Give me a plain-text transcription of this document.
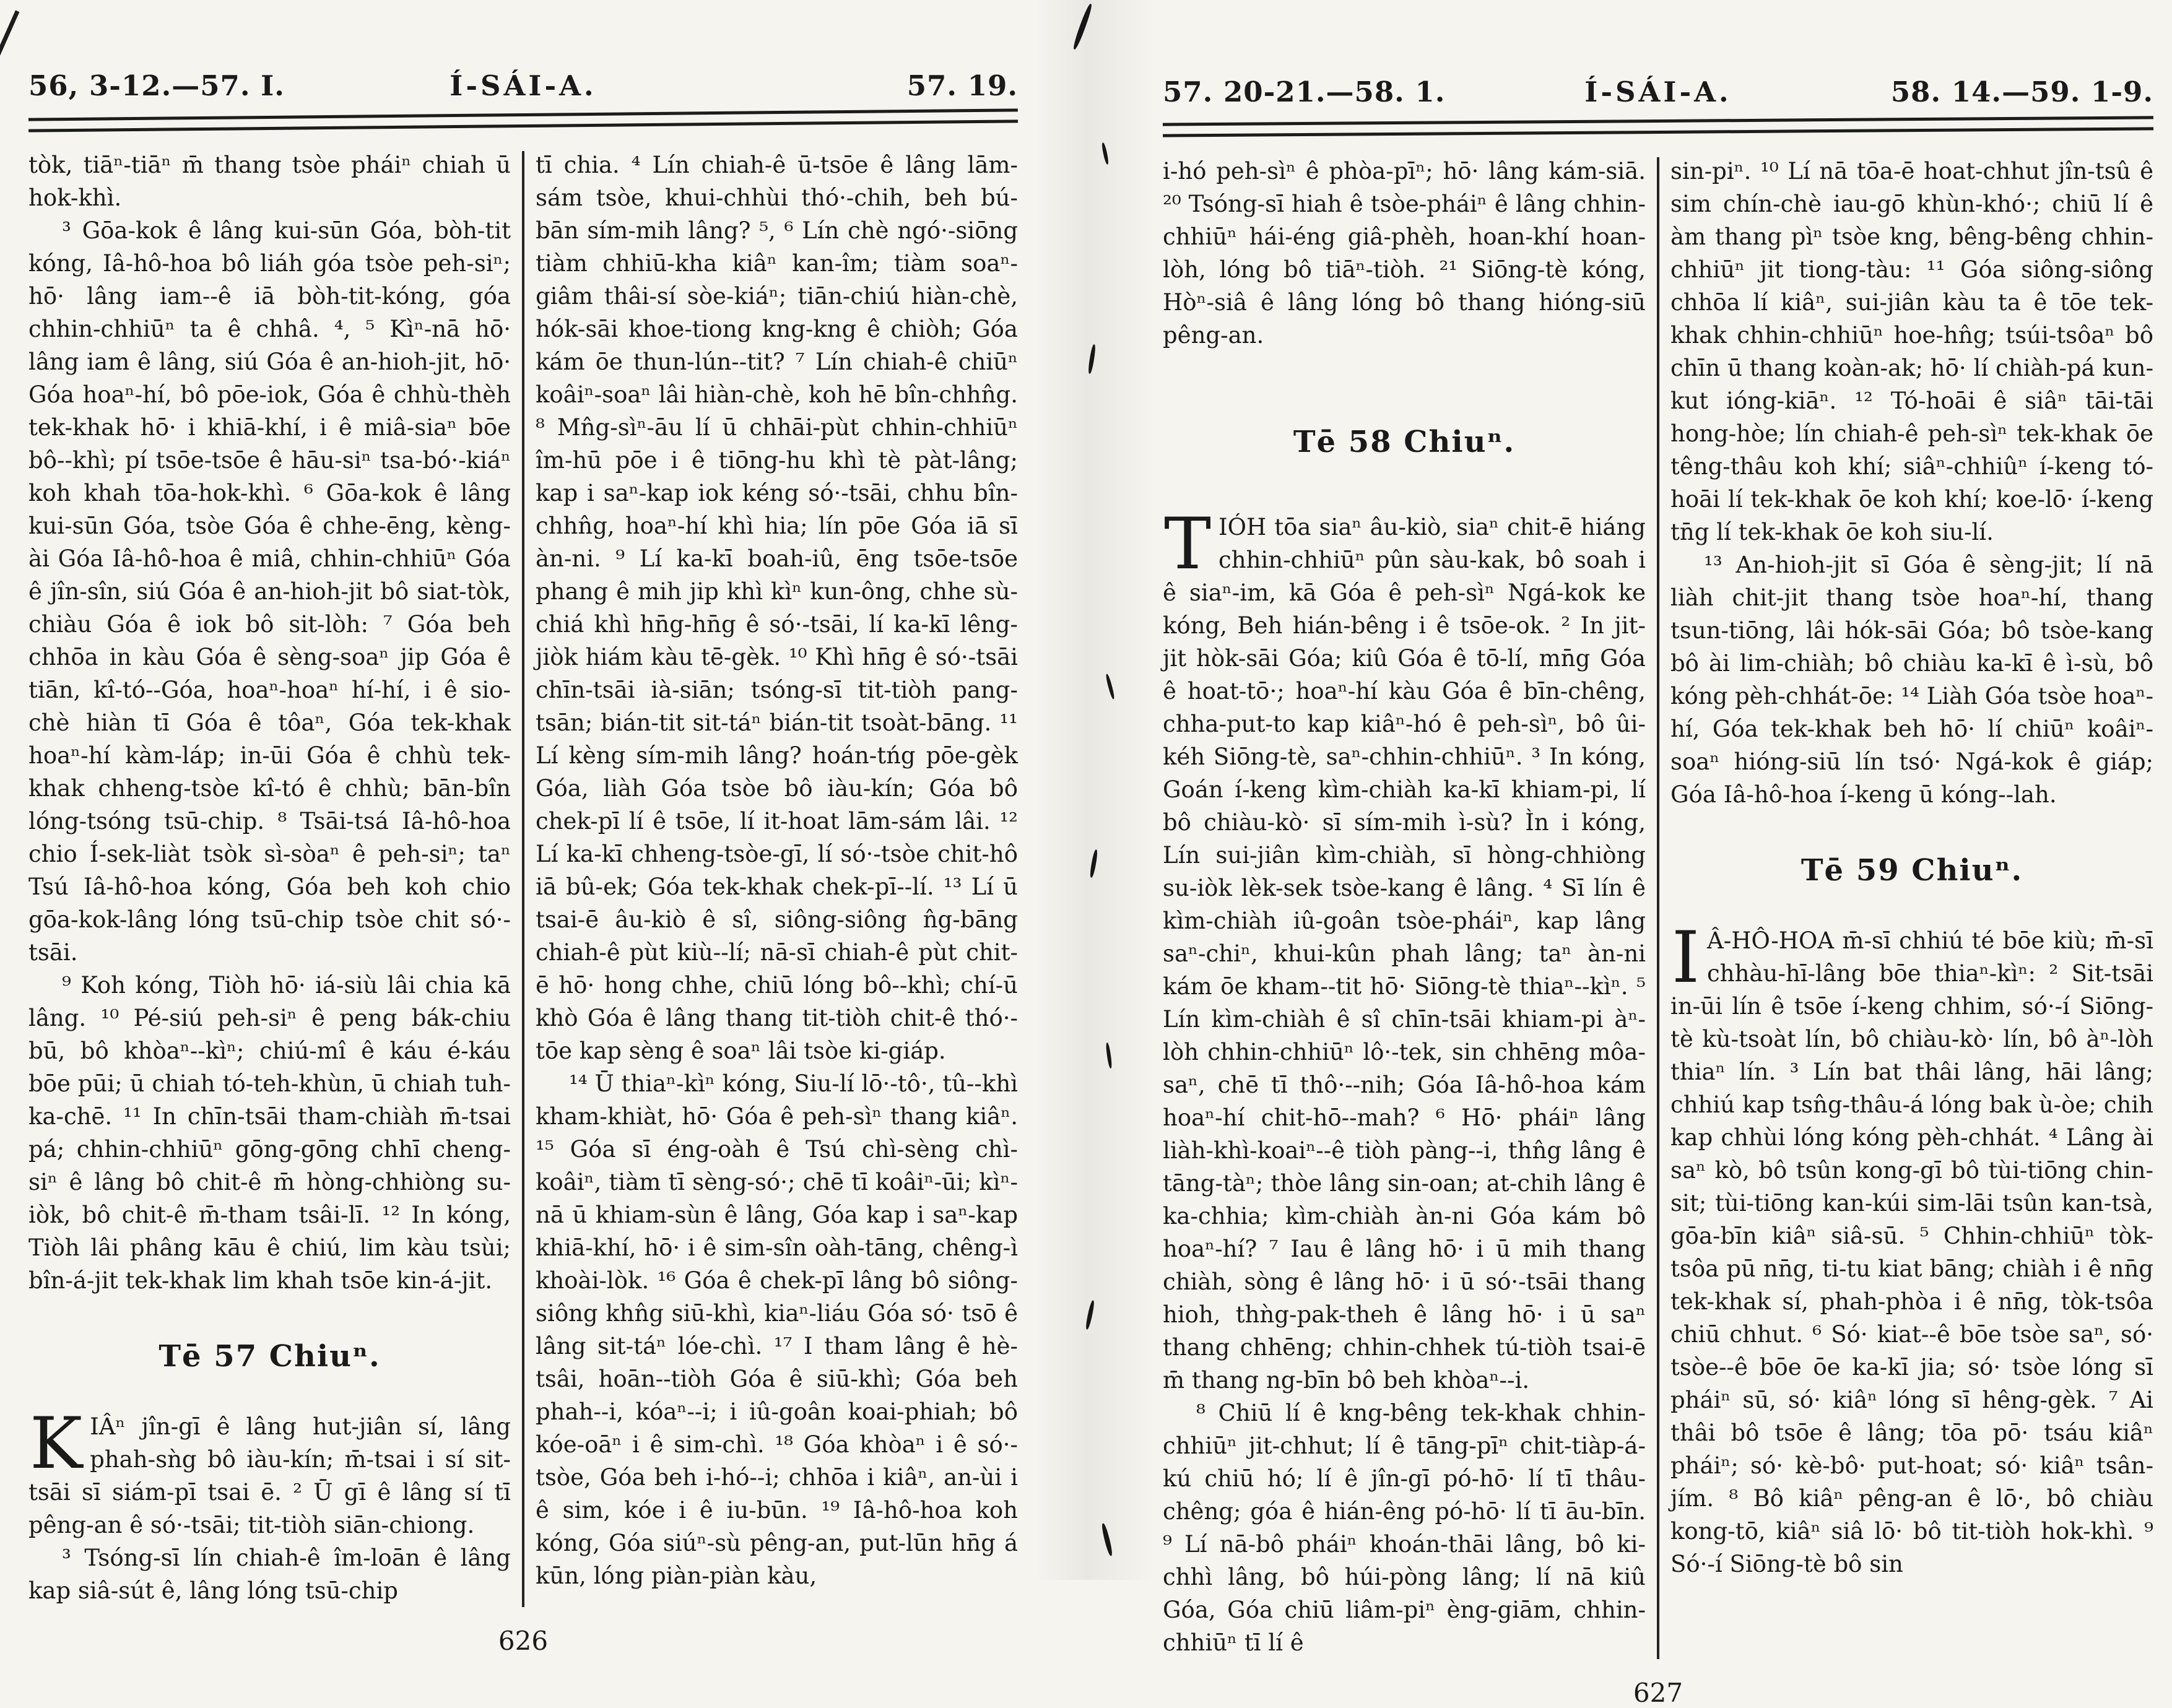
56, 3-12.—57. I.	Í-SÁI-A.	57. 19.

tòk, tiāⁿ-tiāⁿ m̄ thang tsòe pháiⁿ chiah ū hok-khì.

³ Gōa-kok ê lâng kui-sūn Góa, bòh-tit kóng, Iâ-hô-hoa bô liáh góa tsòe peh-siⁿ; hō· lâng iam--ê iā bòh-tit-kóng, góa chhin-chhiūⁿ ta ê chhâ. ⁴, ⁵ Kìⁿ-nā hō· lâng iam ê lâng, siú Góa ê an-hioh-jit, hō· Góa hoaⁿ-hí, bô pōe-iok, Góa ê chhù-thèh tek-khak hō· i khiā-khí, i ê miâ-siaⁿ bōe bô--khì; pí tsōe-tsōe ê hāu-siⁿ tsa-bó·-kiáⁿ koh khah tōa-hok-khì. ⁶ Gōa-kok ê lâng kui-sūn Góa, tsòe Góa ê chhe-ēng, kèng-ài Góa Iâ-hô-hoa ê miâ, chhin-chhiūⁿ Góa ê jîn-sîn, siú Góa ê an-hioh-jit bô siat-tòk, chiàu Góa ê iok bô sit-lòh: ⁷ Góa beh chhōa in kàu Góa ê sèng-soaⁿ jip Góa ê tiān, kî-tó--Góa, hoaⁿ-hoaⁿ hí-hí, i ê sio-chè hiàn tī Góa ê tôaⁿ, Góa tek-khak hoaⁿ-hí kàm-láp; in-ūi Góa ê chhù tek-khak chheng-tsòe kî-tó ê chhù; bān-bîn lóng-tsóng tsū-chip. ⁸ Tsāi-tsá Iâ-hô-hoa chio Í-sek-liàt tsòk sì-sòaⁿ ê peh-siⁿ; taⁿ Tsú Iâ-hô-hoa kóng, Góa beh koh chio gōa-kok-lâng lóng tsū-chip tsòe chit só·-tsāi.

⁹ Koh kóng, Tiòh hō· iá-siù lâi chia kā lâng. ¹⁰ Pé-siú peh-siⁿ ê peng bák-chiu bū, bô khòaⁿ--kìⁿ; chiú-mî ê káu é-káu bōe pūi; ū chiah tó-teh-khùn, ū chiah tuh-ka-chē. ¹¹ In chīn-tsāi tham-chiàh m̄-tsai pá; chhin-chhiūⁿ gōng-gōng chhī cheng-siⁿ ê lâng bô chit-ê m̄ hòng-chhiòng su-iòk, bô chit-ê m̄-tham tsâi-lī. ¹² In kóng, Tiòh lâi phâng kāu ê chiú, lim kàu tsùi; bîn-á-jit tek-khak lim khah tsōe kin-á-jit.

Tē 57 Chiuⁿ.

KIÂⁿ jîn-gī ê lâng hut-jiân sí, lâng phah-sǹg bô iàu-kín; m̄-tsai i sí sit-tsāi sī siám-pī tsai ē. ² Ū gī ê lâng sí tī pêng-an ê só·-tsāi; tit-tiòh siān-chiong.

³ Tsóng-sī lín chiah-ê îm-loān ê lâng kap siâ-sút ê, lâng lóng tsū-chip

tī chia. ⁴ Lín chiah-ê ū-tsōe ê lâng lām-sám tsòe, khui-chhùi thó·-chih, beh bú-bān sím-mih lâng? ⁵, ⁶ Lín chè ngó·-siōng tiàm chhiū-kha kiâⁿ kan-îm; tiàm soaⁿ-giâm thâi-sí sòe-kiáⁿ; tiān-chiú hiàn-chè, hók-sāi khoe-tiong kng-kng ê chiòh; Góa kám ōe thun-lún--tit? ⁷ Lín chiah-ê chiūⁿ koâiⁿ-soaⁿ lâi hiàn-chè, koh hē bîn-chhn̂g. ⁸ Mn̂g-sìⁿ-āu lí ū chhāi-pùt chhin-chhiūⁿ îm-hū pōe i ê tiōng-hu khì tè pàt-lâng; kap i saⁿ-kap iok kéng só·-tsāi, chhu bîn-chhn̂g, hoaⁿ-hí khì hia; lín pōe Góa iā sī àn-ni. ⁹ Lí ka-kī boah-iû, ēng tsōe-tsōe phang ê mih jip khì kìⁿ kun-ông, chhe sù-chiá khì hn̄g-hn̄g ê só·-tsāi, lí ka-kī lêng-jiòk hiám kàu tē-gèk. ¹⁰ Khì hn̄g ê só·-tsāi chīn-tsāi ià-siān; tsóng-sī tit-tiòh pang-tsān; bián-tit sit-táⁿ bián-tit tsoàt-bāng. ¹¹ Lí kèng sím-mih lâng? hoán-tńg pōe-gèk Góa, liàh Góa tsòe bô iàu-kín; Góa bô chek-pī lí ê tsōe, lí it-hoat lām-sám lâi. ¹² Lí ka-kī chheng-tsòe-gī, lí só·-tsòe chit-hô iā bû-ek; Góa tek-khak chek-pī--lí. ¹³ Lí ū tsai-ē âu-kiò ê sî, siông-siông n̂g-bāng chiah-ê pùt kiù--lí; nā-sī chiah-ê pùt chit-ē hō· hong chhe, chiū lóng bô--khì; chí-ū khò Góa ê lâng thang tit-tiòh chit-ê thó·-tōe kap sèng ê soaⁿ lâi tsòe ki-giáp.

¹⁴ Ū thiaⁿ-kìⁿ kóng, Siu-lí lō·-tô·, tû--khì kham-khiàt, hō· Góa ê peh-sìⁿ thang kiâⁿ. ¹⁵ Góa sī éng-oàh ê Tsú chì-sèng chì-koâiⁿ, tiàm tī sèng-só·; chē tī koâiⁿ-ūi; kìⁿ-nā ū khiam-sùn ê lâng, Góa kap i saⁿ-kap khiā-khí, hō· i ê sim-sîn oàh-tāng, chêng-ì khoài-lòk. ¹⁶ Góa ê chek-pī lâng bô siông-siông khn̂g siū-khì, kiaⁿ-liáu Góa só· tsō ê lâng sit-táⁿ lóe-chì. ¹⁷ I tham lâng ê hè-tsâi, hoān--tiòh Góa ê siū-khì; Góa beh phah--i, kóaⁿ--i; i iû-goân koai-phiah; bô kóe-oāⁿ i ê sim-chì. ¹⁸ Góa khòaⁿ i ê só·-tsòe, Góa beh i-hó--i; chhōa i kiâⁿ, an-ùi i ê sim, kóe i ê iu-būn. ¹⁹ Iâ-hô-hoa koh kóng, Góa siúⁿ-sù pêng-an, put-lūn hn̄g á kūn, lóng piàn-piàn kàu,

626
57. 20-21.—58. 1.	Í-SÁI-A.	58. 14.—59. 1-9.

i-hó peh-sìⁿ ê phòa-pīⁿ; hō· lâng kám-siā. ²⁰ Tsóng-sī hiah ê tsòe-pháiⁿ ê lâng chhin-chhiūⁿ hái-éng giâ-phèh, hoan-khí hoan-lòh, lóng bô tiāⁿ-tiòh. ²¹ Siōng-tè kóng, Hòⁿ-siâ ê lâng lóng bô thang hióng-siū pêng-an.

Tē 58 Chiuⁿ.

TIÓH tōa siaⁿ âu-kiò, siaⁿ chit-ē hiáng chhin-chhiūⁿ pûn sàu-kak, bô soah i ê siaⁿ-im, kā Góa ê peh-sìⁿ Ngá-kok ke kóng, Beh hián-bêng i ê tsōe-ok. ² In jit-jit hòk-sāi Góa; kiû Góa ê tō-lí, mn̄g Góa ê hoat-tō·; hoaⁿ-hí kàu Góa ê bīn-chêng, chha-put-to kap kiâⁿ-hó ê peh-sìⁿ, bô ûi-kéh Siōng-tè, saⁿ-chhin-chhiūⁿ. ³ In kóng, Goán í-keng kìm-chiàh ka-kī khiam-pi, lí bô chiàu-kò· sī sím-mih ì-sù? Ìn i kóng, Lín sui-jiân kìm-chiàh, sī hòng-chhiòng su-iòk lèk-sek tsòe-kang ê lâng. ⁴ Sī lín ê kìm-chiàh iû-goân tsòe-pháiⁿ, kap lâng saⁿ-chiⁿ, khui-kûn phah lâng; taⁿ àn-ni kám ōe kham--tit hō· Siōng-tè thiaⁿ--kìⁿ. ⁵ Lín kìm-chiàh ê sî chīn-tsāi khiam-pi àⁿ-lòh chhin-chhiūⁿ lô·-tek, sin chhēng môa-saⁿ, chē tī thô·--nih; Góa Iâ-hô-hoa kám hoaⁿ-hí chit-hō--mah? ⁶ Hō· pháiⁿ lâng liàh-khì-koaiⁿ--ê tiòh pàng--i, thn̂g lâng ê tāng-tàⁿ; thòe lâng sin-oan; at-chih lâng ê ka-chhia; kìm-chiàh àn-ni Góa kám bô hoaⁿ-hí? ⁷ Iau ê lâng hō· i ū mih thang chiàh, sòng ê lâng hō· i ū só·-tsāi thang hioh, thǹg-pak-theh ê lâng hō· i ū saⁿ thang chhēng; chhin-chhek tú-tiòh tsai-ē m̄ thang ng-bīn bô beh khòaⁿ--i.

⁸ Chiū lí ê kng-bêng tek-khak chhin-chhiūⁿ jit-chhut; lí ê tāng-pīⁿ chit-tiàp-á-kú chiū hó; lí ê jîn-gī pó-hō· lí tī thâu-chêng; góa ê hián-êng pó-hō· lí tī āu-bīn. ⁹ Lí nā-bô pháiⁿ khoán-thāi lâng, bô ki-chhì lâng, bô húi-pòng lâng; lí nā kiû Góa, Góa chiū liâm-piⁿ èng-giām, chhin-chhiūⁿ tī lí ê

sin-piⁿ. ¹⁰ Lí nā tōa-ē hoat-chhut jîn-tsû ê sim chín-chè iau-gō khùn-khó·; chiū lí ê àm thang pìⁿ tsòe kng, bêng-bêng chhin-chhiūⁿ jit tiong-tàu: ¹¹ Góa siông-siông chhōa lí kiâⁿ, sui-jiân kàu ta ê tōe tek-khak chhin-chhiūⁿ hoe-hn̂g; tsúi-tsôaⁿ bô chīn ū thang koàn-ak; hō· lí chiàh-pá kun-kut ióng-kiāⁿ. ¹² Tó-hoāi ê siâⁿ tāi-tāi hong-hòe; lín chiah-ê peh-sìⁿ tek-khak ōe têng-thâu koh khí; siâⁿ-chhiûⁿ í-keng tó-hoāi lí tek-khak ōe koh khí; koe-lō· í-keng tn̄g lí tek-khak ōe koh siu-lí.

¹³ An-hioh-jit sī Góa ê sèng-jit; lí nā liàh chit-jit thang tsòe hoaⁿ-hí, thang tsun-tiōng, lâi hók-sāi Góa; bô tsòe-kang bô ài lim-chiàh; bô chiàu ka-kī ê ì-sù, bô kóng pèh-chhát-ōe: ¹⁴ Liàh Góa tsòe hoaⁿ-hí, Góa tek-khak beh hō· lí chiūⁿ koâiⁿ-soaⁿ hióng-siū lín tsó· Ngá-kok ê giáp; Góa Iâ-hô-hoa í-keng ū kóng--lah.

Tē 59 Chiuⁿ.

I Â-HÔ-HOA m̄-sī chhiú té bōe kiù; m̄-sī chhàu-hī-lâng bōe thiaⁿ-kìⁿ: ² Sit-tsāi in-ūi lín ê tsōe í-keng chhim, só·-í Siōng-tè kù-tsoàt lín, bô chiàu-kò· lín, bô àⁿ-lòh thiaⁿ lín. ³ Lín bat thâi lâng, hāi lâng; chhiú kap tsn̂g-thâu-á lóng bak ù-òe; chih kap chhùi lóng kóng pèh-chhát. ⁴ Lâng ài saⁿ kò, bô tsûn kong-gī bô tùi-tiōng chin-sit; tùi-tiōng kan-kúi sim-lāi tsûn kan-tsà, gōa-bīn kiâⁿ siâ-sū. ⁵ Chhin-chhiūⁿ tòk-tsôa pū nn̄g, ti-tu kiat bāng; chiàh i ê nn̄g tek-khak sí, phah-phòa i ê nn̄g, tòk-tsôa chiū chhut. ⁶ Só· kiat--ê bōe tsòe saⁿ, só· tsòe--ê bōe ōe ka-kī jia; só· tsòe lóng sī pháiⁿ sū, só· kiâⁿ lóng sī hêng-gèk. ⁷ Ai thâi bô tsōe ê lâng; tōa pō· tsáu kiâⁿ pháiⁿ; só· kè-bô· put-hoat; só· kiâⁿ tsân-jím. ⁸ Bô kiâⁿ pêng-an ê lō·, bô chiàu kong-tō, kiâⁿ siâ lō· bô tit-tiòh hok-khì. ⁹ Só·-í Siōng-tè bô sin

627
